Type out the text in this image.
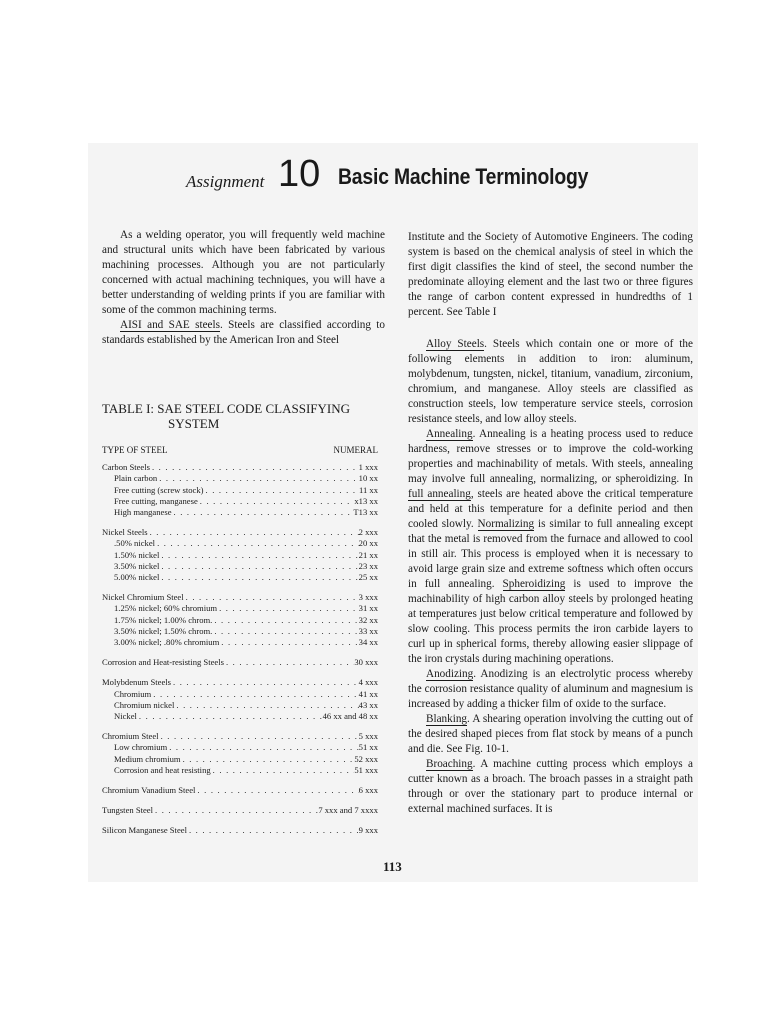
Assignment 10 Basic Machine Terminology

As a welding operator, you will frequently weld machine and structural units which have been fabricated by various machining processes. Although you are not particularly concerned with actual machining techniques, you will have a better understanding of welding prints if you are familiar with some of the common machining terms.

AISI and SAE steels. Steels are classified according to standards established by the American Iron and Steel

Institute and the Society of Automotive Engineers. The coding system is based on the chemical analysis of steel in which the first digit classifies the kind of steel, the second number the predominate alloying element and the last two or three figures the range of carbon content expressed in hundredths of 1 percent. See Table I

Alloy Steels. Steels which contain one or more of the following elements in addition to iron: aluminum, molybdenum, tungsten, nickel, titanium, vanadium, zirconium, chromium, and manganese. Alloy steels are classified as construction steels, low temperature service steels, corrosion resistance steels, and low alloy steels.

Annealing. Annealing is a heating process used to reduce hardness, remove stresses or to improve the cold-working properties and machinability of metals. With steels, annealing may involve full annealing, normalizing, or spheroidizing. In full annealing, steels are heated above the critical temperature and held at this temperature for a definite period and then cooled slowly. Normalizing is similar to full annealing except that the metal is removed from the furnace and allowed to cool in still air. This process is employed when it is necessary to avoid large grain size and extreme softness which often occurs in full annealing. Spheroidizing is used to improve the machinability of high carbon alloy steels by prolonged heating at temperatures just below critical temperature and followed by slow cooling. This process permits the iron carbide layers to curl up in spherical forms, thereby allowing easier slippage of the iron crystals during machining operations.

Anodizing. Anodizing is an electrolytic process whereby the corrosion resistance quality of aluminum and magnesium is increased by adding a thicker film of oxide to the surface.

Blanking. A shearing operation involving the cutting out of the desired shaped pieces from flat stock by means of a punch and die. See Fig. 10-1.

Broaching. A machine cutting process which employs a cutter known as a broach. The broach passes in a straight path through or over the stationary part to produce internal or external machined surfaces. It is

TABLE I: SAE STEEL CODE CLASSIFYING
SYSTEM
TYPE OF STEEL	NUMERAL
Carbon Steels . . .	1 xxx
Plain carbon . . .	10 xx
Free cutting (screw stock) . . .	11 xx
Free cutting, manganese . . .	x13 xx
High manganese . . .	T13 xx
Nickel Steels . . .	2 xxx
.50% nickel . . .	20 xx
1.50% nickel . . .	21 xx
3.50% nickel . . .	23 xx
5.00% nickel . . .	25 xx
Nickel Chromium Steel . . .	3 xxx
1.25% nickel; 60% chromium . . .	31 xx
1.75% nickel; 1.00% chrom. . . .	32 xx
3.50% nickel; 1.50% chrom. . . .	33 xx
3.00% nickel; .80% chromium . . .	34 xx
Corrosion and Heat-resisting Steels . . .	30 xxx
Molybdenum Steels . . .	4 xxx
Chromium . . .	41 xx
Chromium nickel . . .	43 xx
Nickel . . .	46 xx and 48 xx
Chromium Steel . . .	5 xxx
Low chromium . . .	51 xx
Medium chromium . . .	52 xxx
Corrosion and heat resisting . . .	51 xxx
Chromium Vanadium Steel . . .	6 xxx
Tungsten Steel . . .	7 xxx and 7 xxxx
Silicon Manganese Steel . . .	9 xxx
113
